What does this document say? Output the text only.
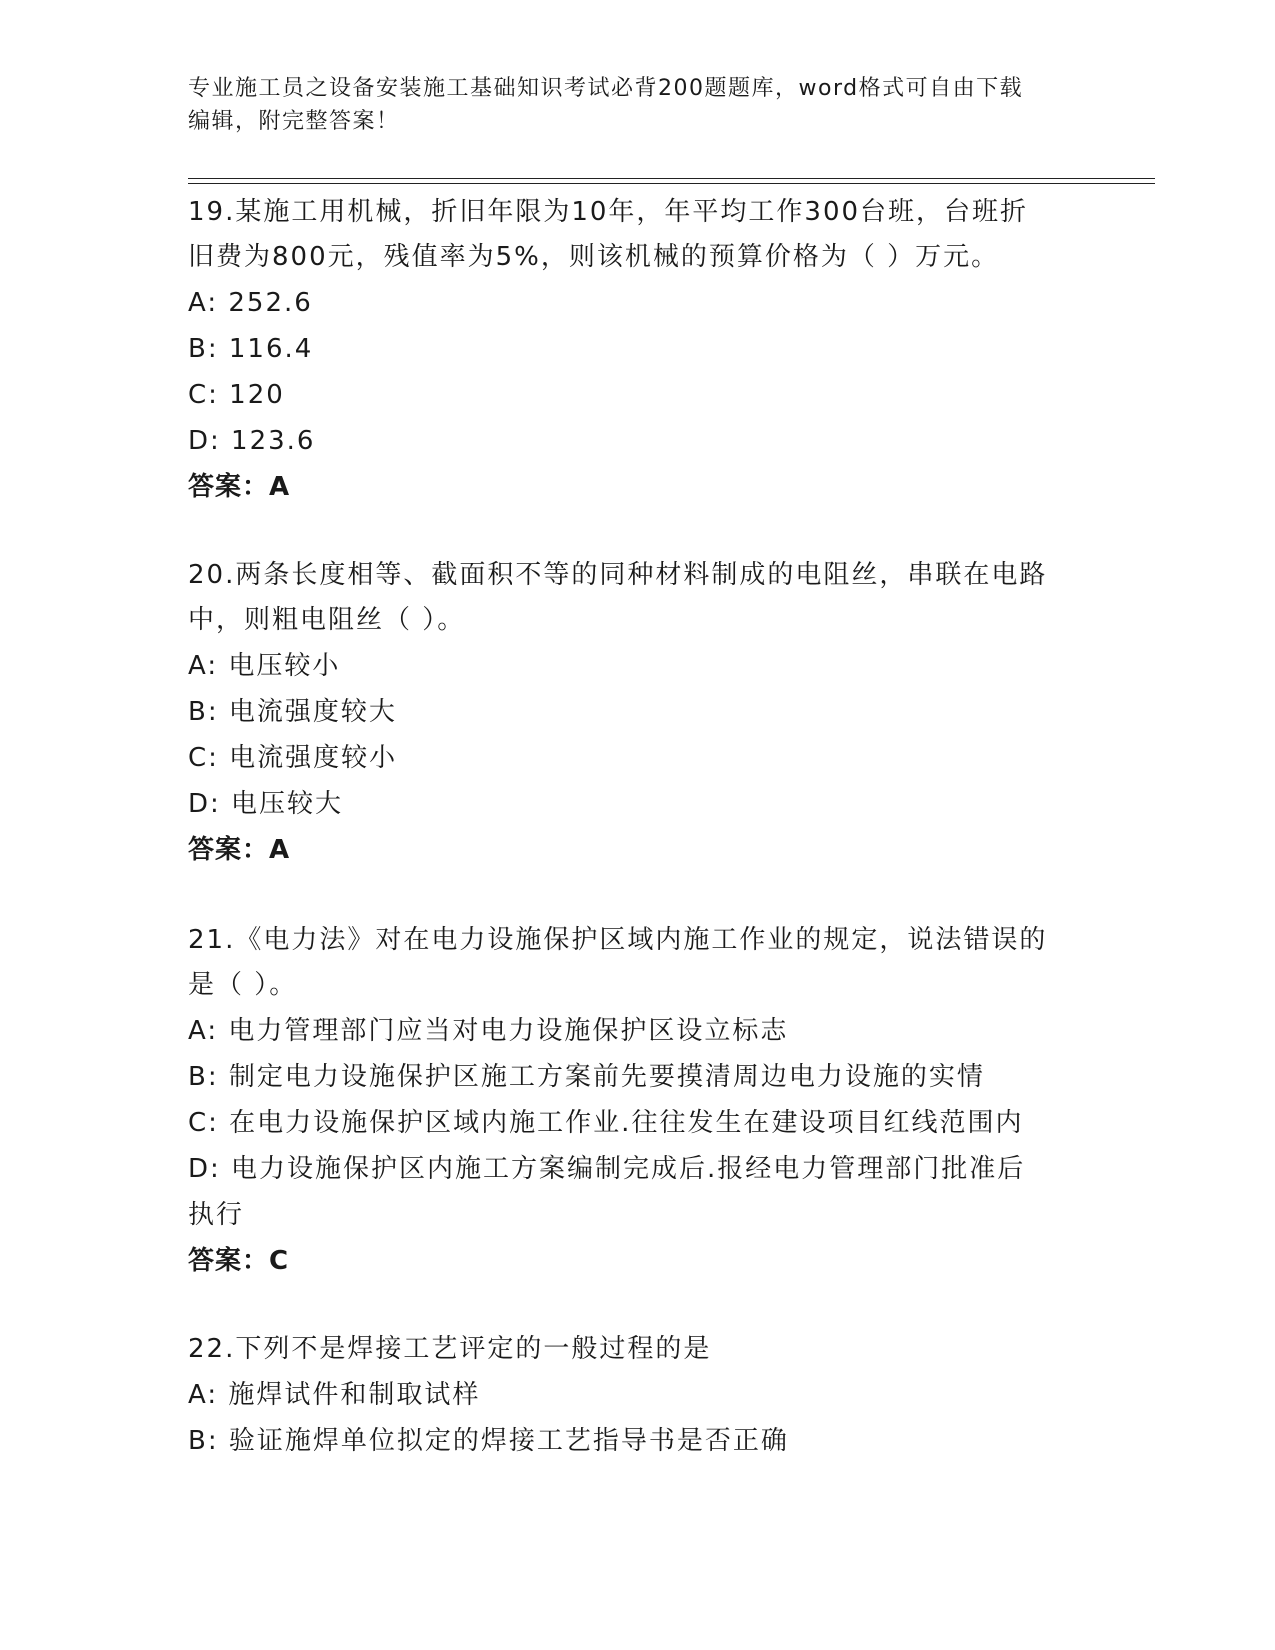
专业施工员之设备安装施工基础知识考试必背200题题库，word格式可自由下载
编辑，附完整答案！
19.某施工用机械，折旧年限为10年，年平均工作300台班，台班折
旧费为800元，残值率为5%，则该机械的预算价格为（ ）万元。
A: 252.6
B: 116.4
C: 120
D: 123.6
答案：A
20.两条长度相等、截面积不等的同种材料制成的电阻丝，串联在电路
中，则粗电阻丝（ ）。
A: 电压较小
B: 电流强度较大
C: 电流强度较小
D: 电压较大
答案：A
21.《电力法》对在电力设施保护区域内施工作业的规定，说法错误的
是（ ）。
A: 电力管理部门应当对电力设施保护区设立标志
B: 制定电力设施保护区施工方案前先要摸清周边电力设施的实情
C: 在电力设施保护区域内施工作业.往往发生在建设项目红线范围内
D: 电力设施保护区内施工方案编制完成后.报经电力管理部门批准后
执行
答案：C
22.下列不是焊接工艺评定的一般过程的是
A: 施焊试件和制取试样
B: 验证施焊单位拟定的焊接工艺指导书是否正确
